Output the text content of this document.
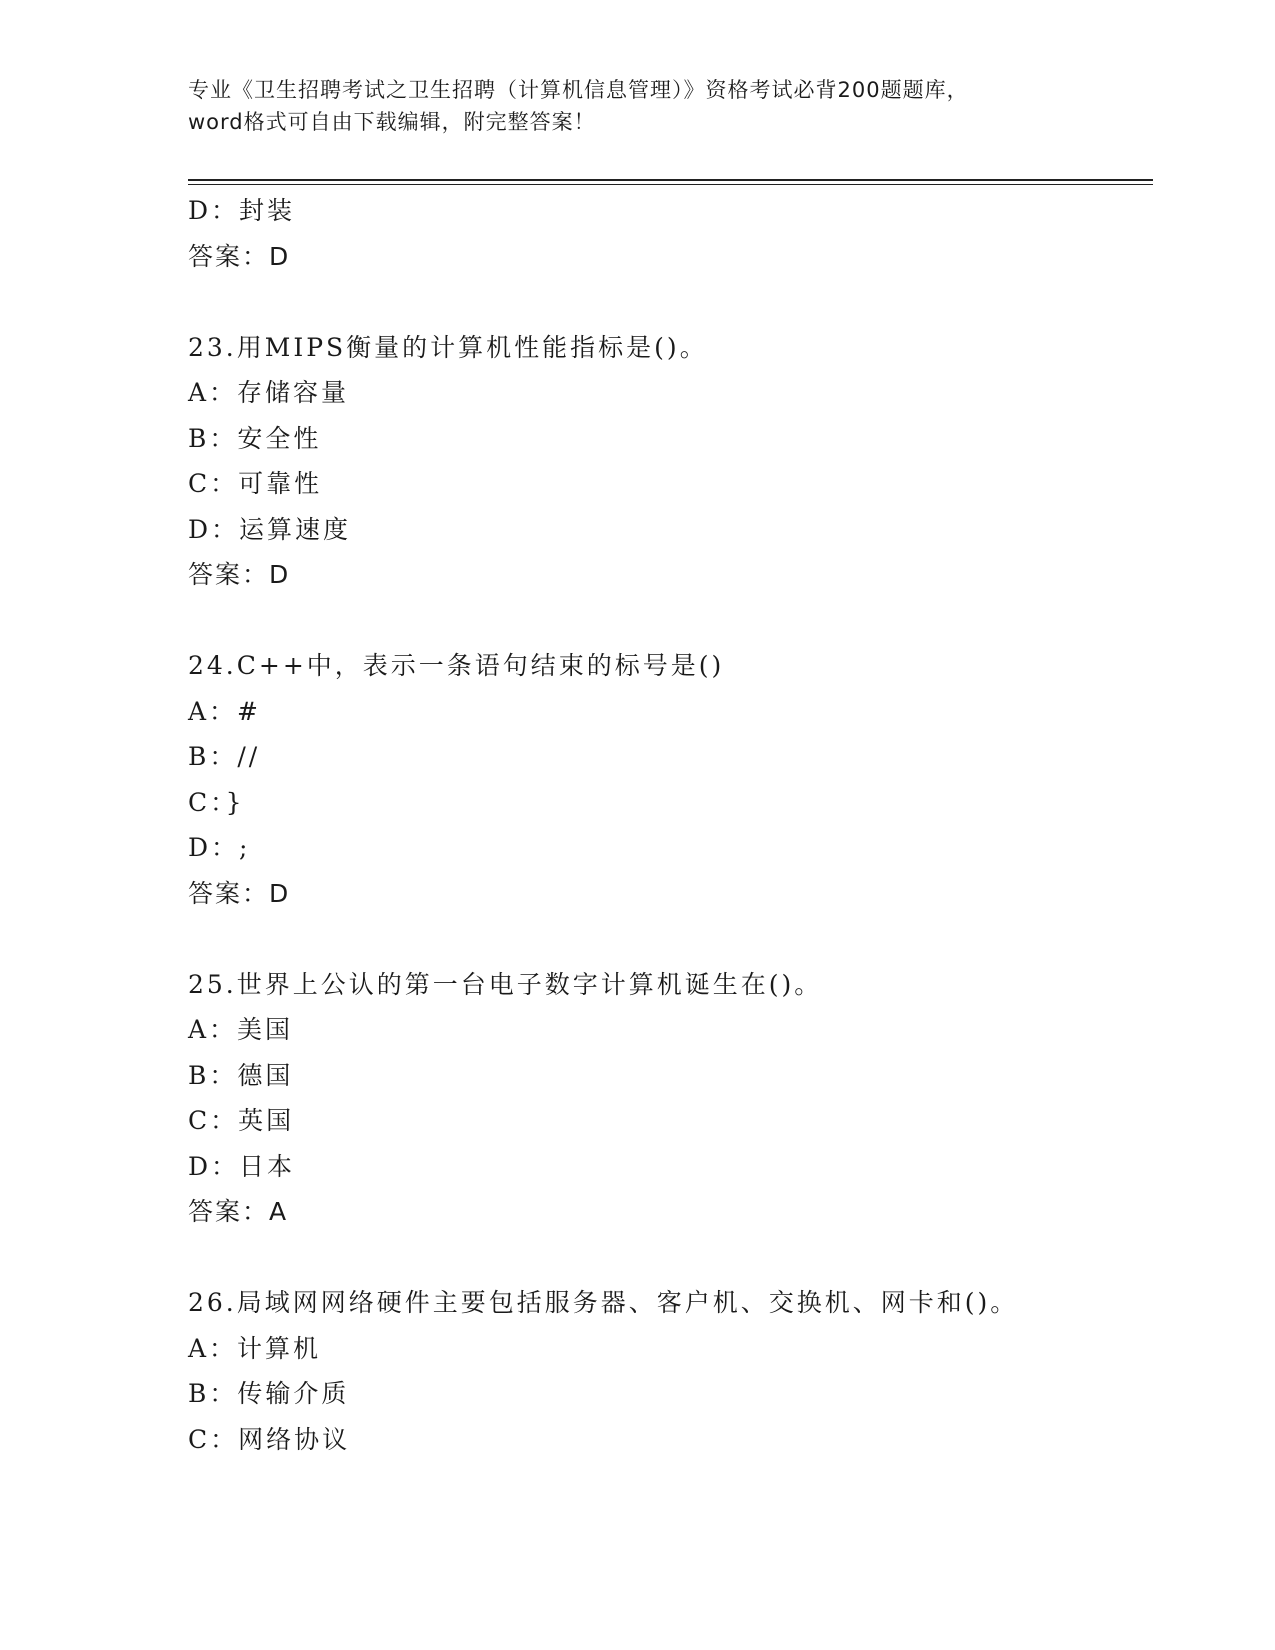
专业《卫生招聘考试之卫生招聘（计算机信息管理）》资格考试必背200题题库，
word格式可自由下载编辑，附完整答案！
D：封装
答案：D
23.用MIPS衡量的计算机性能指标是()。
A：存储容量
B：安全性
C：可靠性
D：运算速度
答案：D
24.C++中，表示一条语句结束的标号是()
A：#
B：//
C：}
D：;
答案：D
25.世界上公认的第一台电子数字计算机诞生在()。
A：美国
B：德国
C：英国
D：日本
答案：A
26.局域网网络硬件主要包括服务器、客户机、交换机、网卡和()。
A：计算机
B：传输介质
C：网络协议
